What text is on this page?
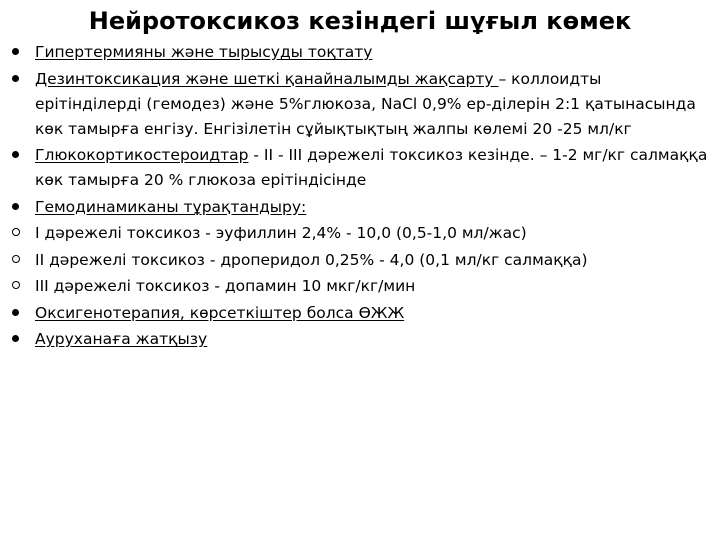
Нейротоксикоз кезіндегі шұғыл көмек
Гипертермияны және тырысуды тоқтату
Дезинтоксикация және шеткі қанайналымды жақсарту – коллоидты ерітінділерді (гемодез) және 5%глюкоза, NaCl 0,9% ер-ділерін 2:1 қатынасында көк тамырға енгізу. Енгізілетін сұйықтықтың жалпы көлемі 20 -25 мл/кг
Глюкокортикостероидтар - II - III дәрежелі токсикоз кезінде. – 1-2 мг/кг салмаққа көк тамырға 20 % глюкоза ерітіндісінде
Гемодинамиканы тұрақтандыру:
I дәрежелі токсикоз - эуфиллин 2,4% - 10,0 (0,5-1,0 мл/жас)
II дәрежелі токсикоз - дроперидол 0,25% - 4,0 (0,1 мл/кг салмаққа)
III дәрежелі токсикоз - допамин 10 мкг/кг/мин
Оксигенотерапия, көрсеткіштер болса ӨЖЖ
Ауруханаға жатқызу
